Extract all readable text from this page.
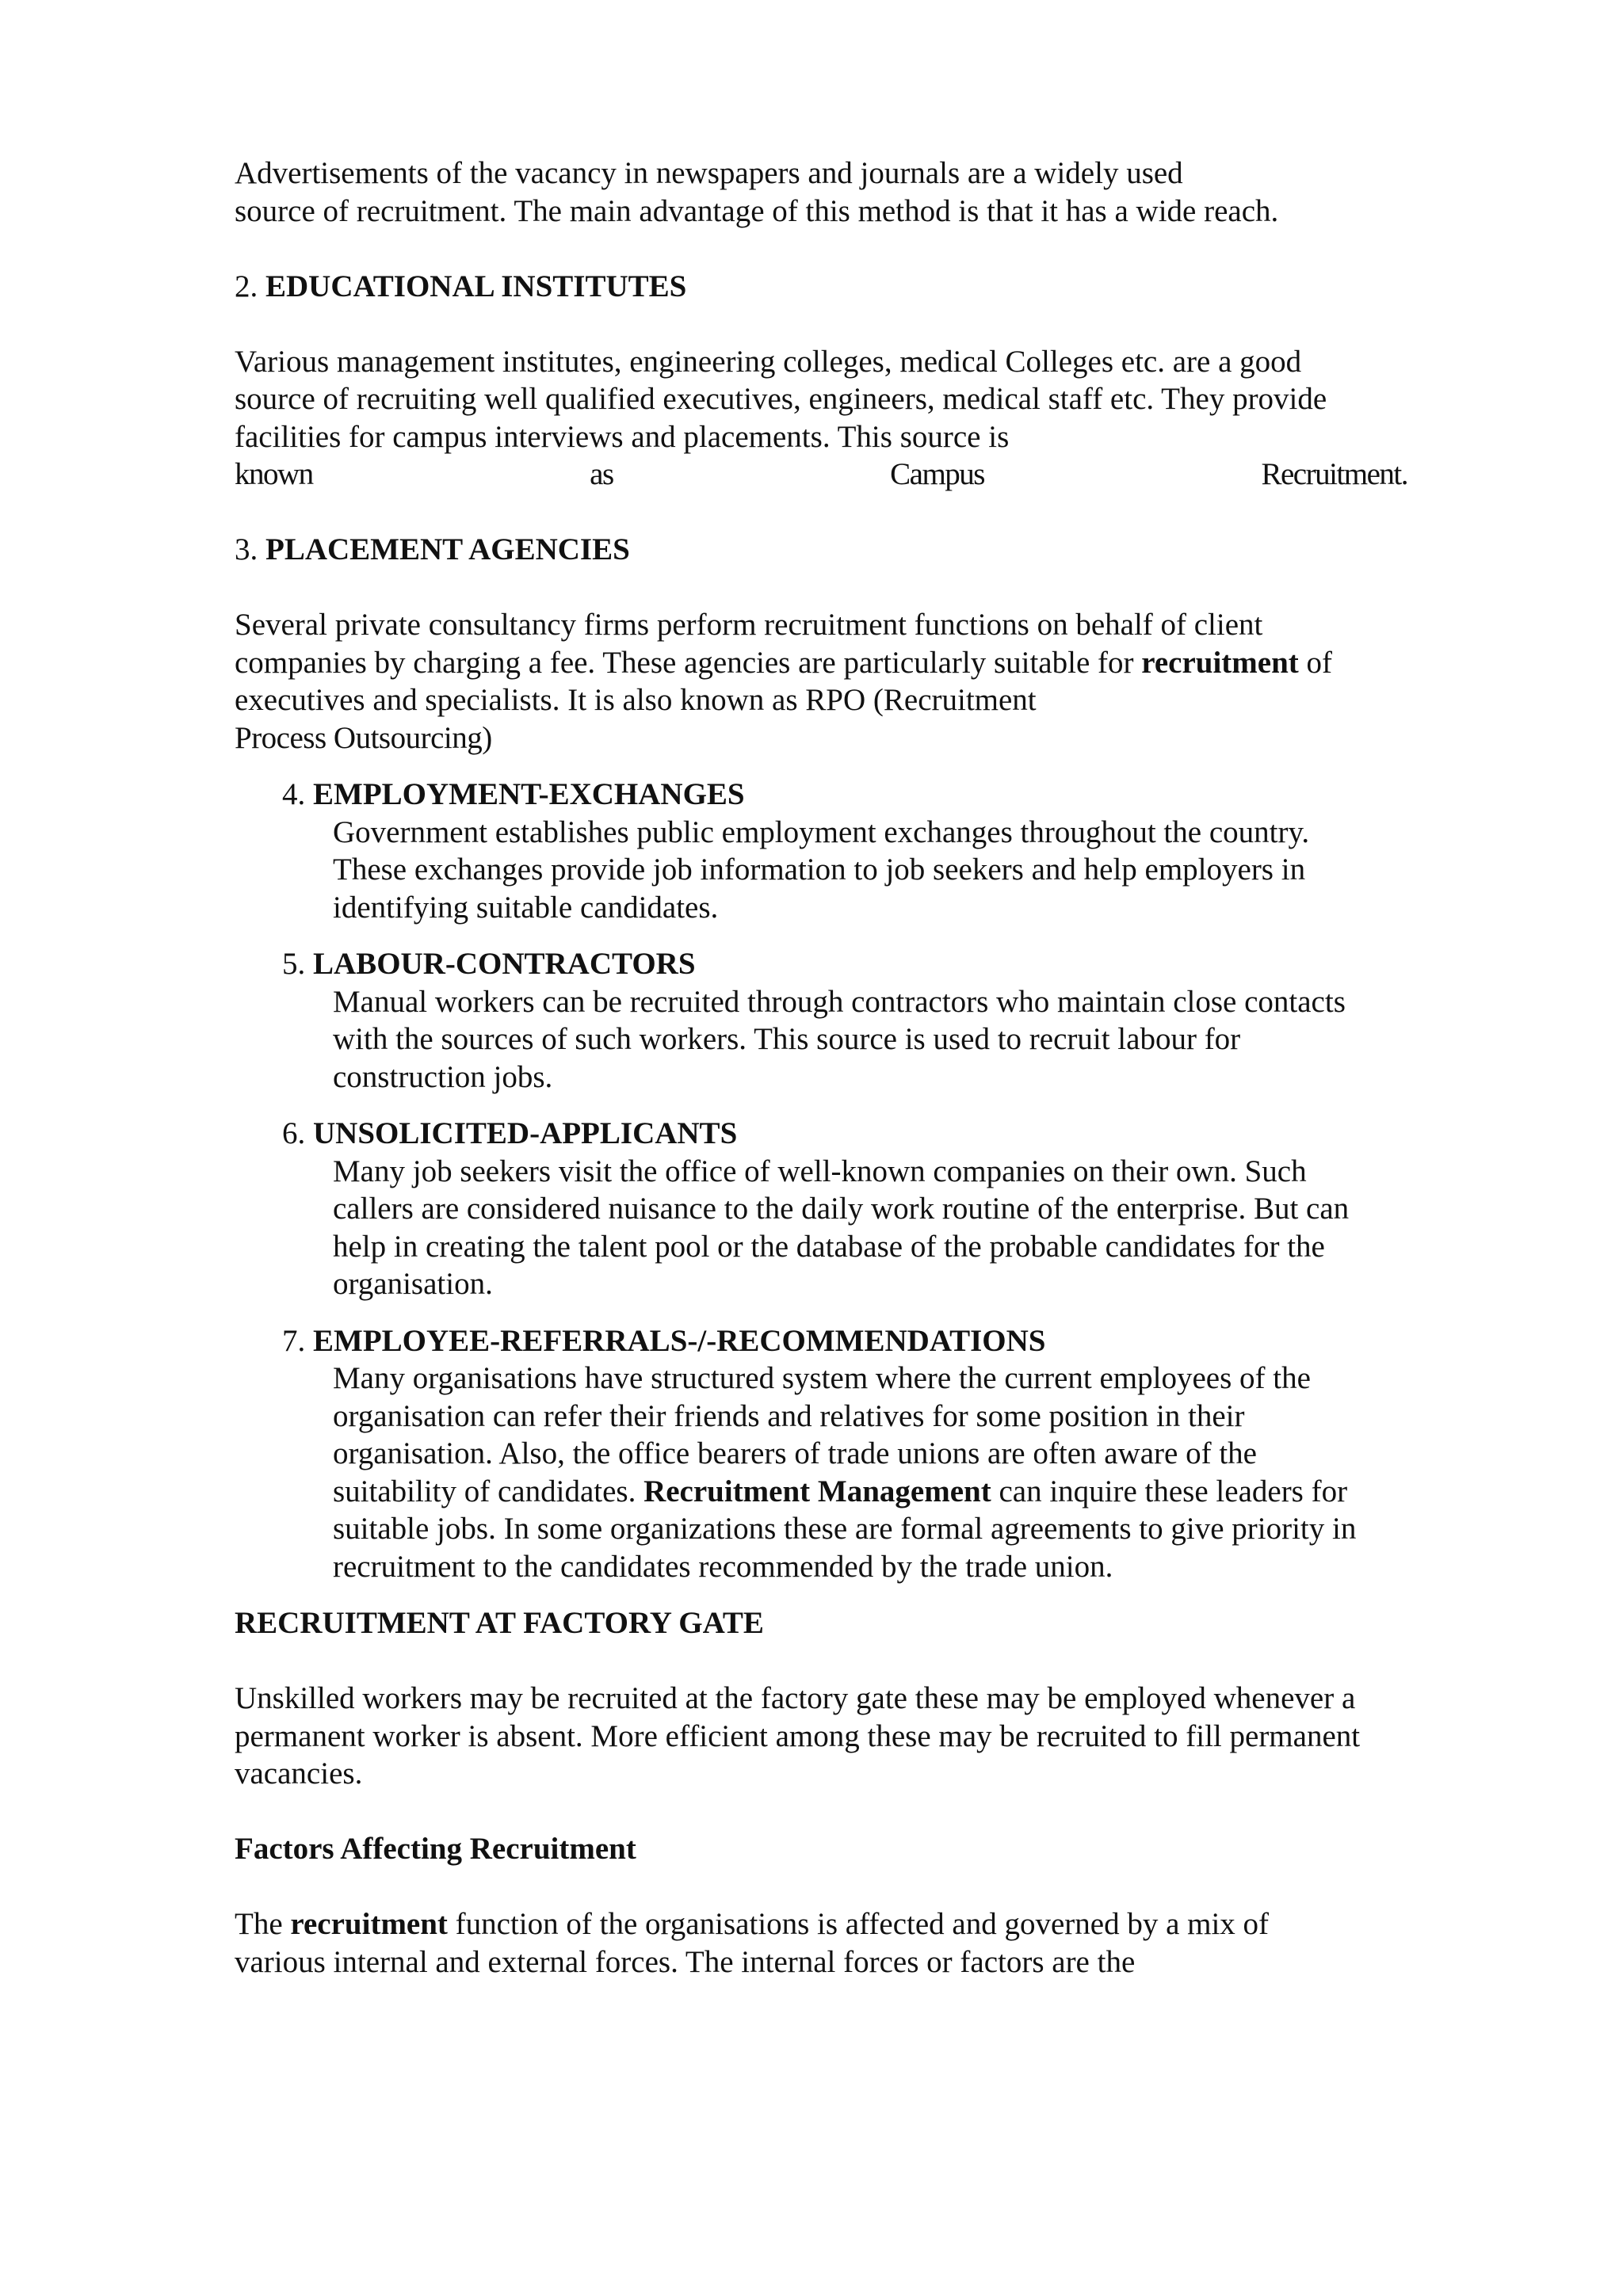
Advertisements of the vacancy in newspapers and journals are a widely used
source of recruitment. The main advantage of this method is that it has a wide reach.
2. EDUCATIONAL INSTITUTES
Various management institutes, engineering colleges, medical Colleges etc. are a good
source of recruiting well qualified executives, engineers, medical staff etc. They provide
facilities for campus interviews and placements. This source is
known	as	Campus	Recruitment.
3. PLACEMENT AGENCIES
Several private consultancy firms perform recruitment functions on behalf of client
companies by charging a fee. These agencies are particularly suitable for recruitment of
executives and specialists. It is also known as RPO (Recruitment
Process Outsourcing)
4. EMPLOYMENT-EXCHANGES
Government establishes public employment exchanges throughout the country.
These exchanges provide job information to job seekers and help employers in
identifying suitable candidates.
5. LABOUR-CONTRACTORS
Manual workers can be recruited through contractors who maintain close contacts
with the sources of such workers. This source is used to recruit labour for
construction jobs.
6. UNSOLICITED-APPLICANTS
Many job seekers visit the office of well-known companies on their own. Such
callers are considered nuisance to the daily work routine of the enterprise. But can
help in creating the talent pool or the database of the probable candidates for the
organisation.
7. EMPLOYEE-REFERRALS-/-RECOMMENDATIONS
Many organisations have structured system where the current employees of the
organisation can refer their friends and relatives for some position in their
organisation. Also, the office bearers of trade unions are often aware of the
suitability of candidates. Recruitment Management can inquire these leaders for
suitable jobs. In some organizations these are formal agreements to give priority in
recruitment to the candidates recommended by the trade union.
RECRUITMENT AT FACTORY GATE
Unskilled workers may be recruited at the factory gate these may be employed whenever a
permanent worker is absent. More efficient among these may be recruited to fill permanent
vacancies.
Factors Affecting Recruitment
The recruitment function of the organisations is affected and governed by a mix of
various internal and external forces. The internal forces or factors are the
